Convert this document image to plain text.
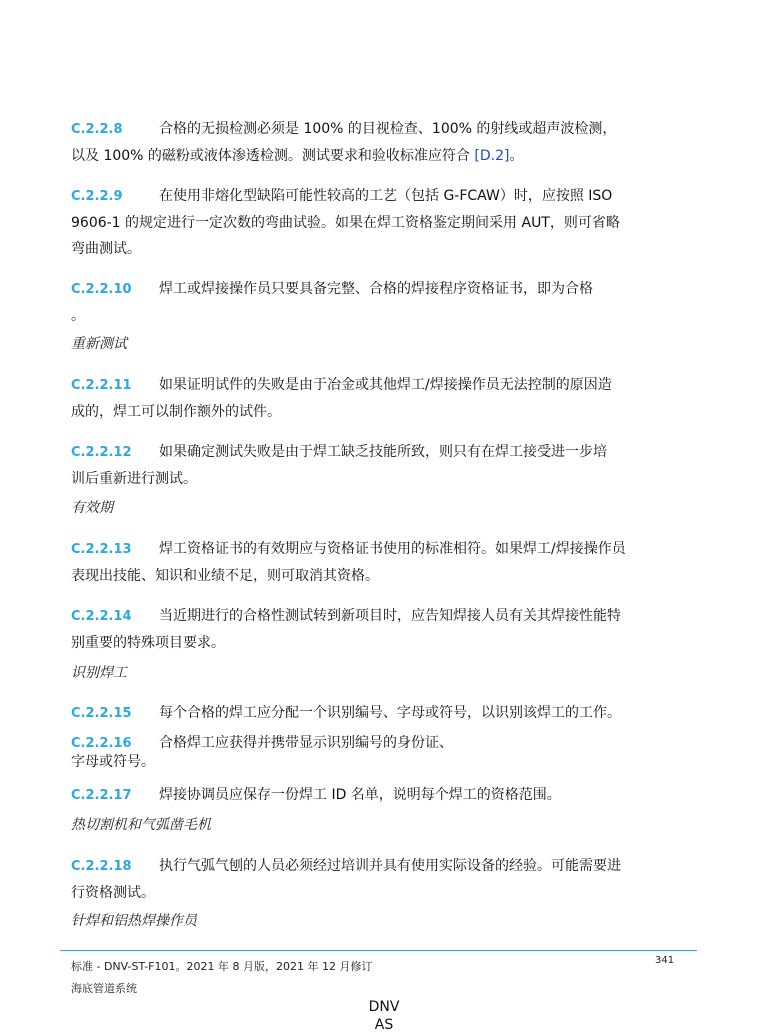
C.2.2.8	合格的无损检测必须是 100% 的目视检查、100% 的射线或超声波检测，
以及 100% 的磁粉或液体渗透检测。测试要求和验收标准应符合 [D.2]。
C.2.2.9	在使用非熔化型缺陷可能性较高的工艺（包括 G-FCAW）时，应按照 ISO
9606-1 的规定进行一定次数的弯曲试验。如果在焊工资格鉴定期间采用 AUT，则可省略
弯曲测试。
C.2.2.10 焊工或焊接操作员只要具备完整、合格的焊接程序资格证书，即为合格
。
重新测试
C.2.2.11 如果证明试件的失败是由于冶金或其他焊工/焊接操作员无法控制的原因造
成的，焊工可以制作额外的试件。
C.2.2.12 如果确定测试失败是由于焊工缺乏技能所致，则只有在焊工接受进一步培
训后重新进行测试。
有效期
C.2.2.13 焊工资格证书的有效期应与资格证书使用的标准相符。如果焊工/焊接操作员
表现出技能、知识和业绩不足，则可取消其资格。
C.2.2.14 当近期进行的合格性测试转到新项目时，应告知焊接人员有关其焊接性能特
别重要的特殊项目要求。
识别焊工
C.2.2.15 每个合格的焊工应分配一个识别编号、字母或符号，以识别该焊工的工作。
C.2.2.16 合格焊工应获得并携带显示识别编号的身份证、
字母或符号。
C.2.2.17 焊接协调员应保存一份焊工 ID 名单，说明每个焊工的资格范围。
热切割机和气弧凿毛机
C.2.2.18 执行气弧气刨的人员必须经过培训并具有使用实际设备的经验。可能需要进
行资格测试。
针焊和铝热焊操作员
标准 - DNV-ST-F101。2021 年 8 月版，2021 年 12 月修订	341
海底管道系统
DNV
AS
